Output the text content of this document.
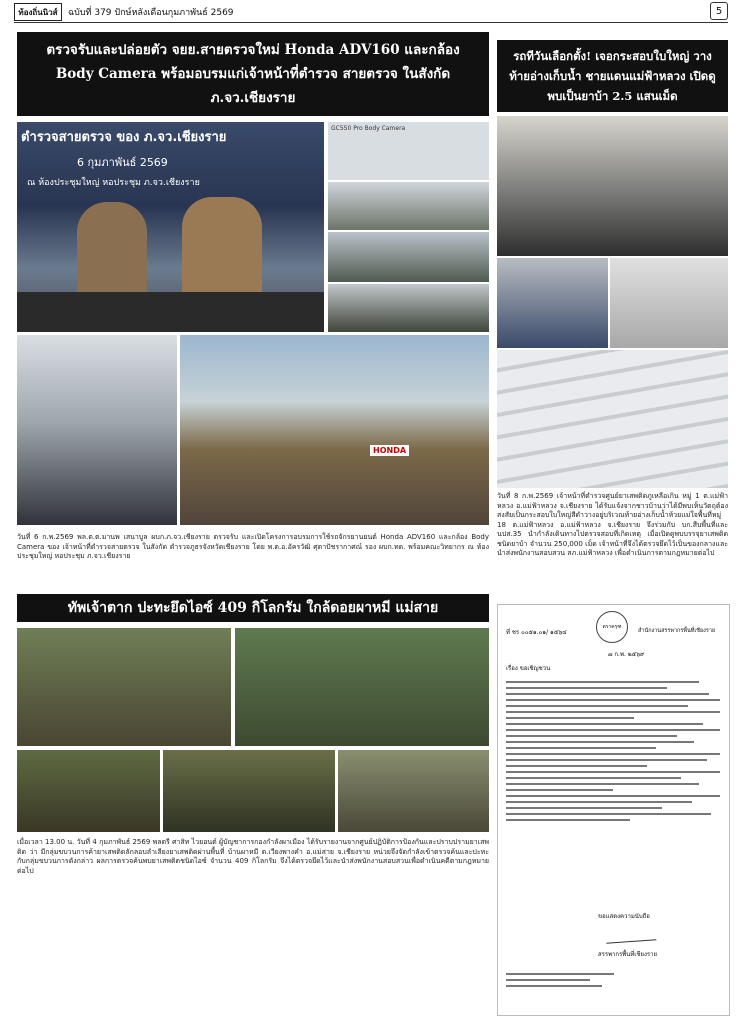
ท้องถิ่นนิวส์	ฉบับที่ 379 ปักษ์หลังเดือนกุมภาพันธ์ 2569	5
ตรวจรับและปล่อยตัว จยย.สายตรวจใหม่ Honda ADV160 และกล้อง Body Camera พร้อมอบรมแก่เจ้าหน้าที่ตำรวจ สายตรวจ ในสังกัด ภ.จว.เชียงราย
ตำรวจสายตรวจ ของ ภ.จว.เชียงราย
6 กุมภาพันธ์ 2569
ณ ห้องประชุมใหญ่ หอประชุม ภ.จว.เชียงราย
GC550 Pro Body Camera
HONDA
วันที่ 6 ก.พ.2569 พล.ต.ต.มานพ เสนาบูล ผบก.ภ.จว.เชียงราย ตรวจรับ และเปิดโครงการอบรมการใช้รถจักรยานยนต์ Honda ADV160 และกล้อง Body Camera ของ เจ้าหน้าที่ตำรวจสายตรวจ ในสังกัด ตำรวจภูธรจังหวัดเชียงราย โดย พ.ต.อ.อัครวัฒิ ศุตาปัชรากาศณ์ รอง ผบก.ทด. พร้อมคณะวิทยากร ณ ห้องประชุมใหญ่ หอประชุม ภ.จว.เชียงราย
รถทีวันเลือกตั้ง! เจอกระสอบใบใหญ่ วางท้ายอ่างเก็บน้ำ ชายแดนแม่ฟ้าหลวง เปิดดูพบเป็นยาบ้า 2.5 แสนเม็ด
วันที่ 8 ก.พ.2569 เจ้าหน้าที่ตำรวจศูนย์ยาเสพติดภูเหลือเกิน หมู่ 1 ต.แม่ฟ้าหลวง อ.แม่ฟ้าหลวง จ.เชียงราย ได้รับแจ้งจากชาวบ้านว่าได้มีพบเห็นวัตถุต้องสงสัยเป็นกระสอบใบใหญ่สีดำวางอยู่บริเวณท้ายอ่างเก็บน้ำห้วยแม่ใจพื้นที่หมู่ 18 ต.แม่ฟ้าหลวง อ.แม่ฟ้าหลวง จ.เชียงราย จึงร่วมกับ บก.สืบพื้นที่และ นปส.35 นำกำลังเดินทางไปตรวจสอบที่เกิดเหตุ เมื่อเปิดดูพบบรรจุยาเสพติดชนิดยาบ้า จำนวน 250,000 เม็ด เจ้าหน้าที่จึงได้ตรวจยึดไว้เป็นของกลางและนำส่งพนักงานสอบสวน สภ.แม่ฟ้าหลวง เพื่อดำเนินการตามกฎหมายต่อไป
ทัพเจ้าตาก ปะทะยึดไอซ์ 409 กิโลกรัม ใกล้ดอยผาหมี แม่สาย
เมื่อเวลา 13.00 น. วันที่ 4 กุมภาพันธ์ 2569 พลตรี ศาสิท ไวยอนต์ ผู้บัญชาการกองกำลังผาเมือง ได้รับรายงานจากศูนย์ปฏิบัติการป้องกันและปราบปรามยาเสพติด ว่า มีกลุ่มขบวนการค้ายาเสพติดลักลอบลำเลียงยาเสพติดผ่านพื้นที่ บ้านผาหมี ต.เวียงพางคำ อ.แม่สาย จ.เชียงราย หน่วยจึงจัดกำลังเข้าตรวจค้นและปะทะกับกลุ่มขบวนการดังกล่าว ผลการตรวจค้นพบยาเสพติดชนิดไอซ์ จำนวน 409 กิโลกรัม จึงได้ตรวจยึดไว้และนำส่งพนักงานสอบสวนเพื่อดำเนินคดีตามกฎหมายต่อไป
ที่ ชร ๐๐๕๑.๐๑/ ๑๕๖๔
ตราครุฑ
สำนักงานสรรพากรพื้นที่เชียงราย
๗ ก.พ. ๒๕๖๙
เรื่อง ขอเชิญชวน
ขอแสดงความนับถือ
สรรพากรพื้นที่เชียงราย
